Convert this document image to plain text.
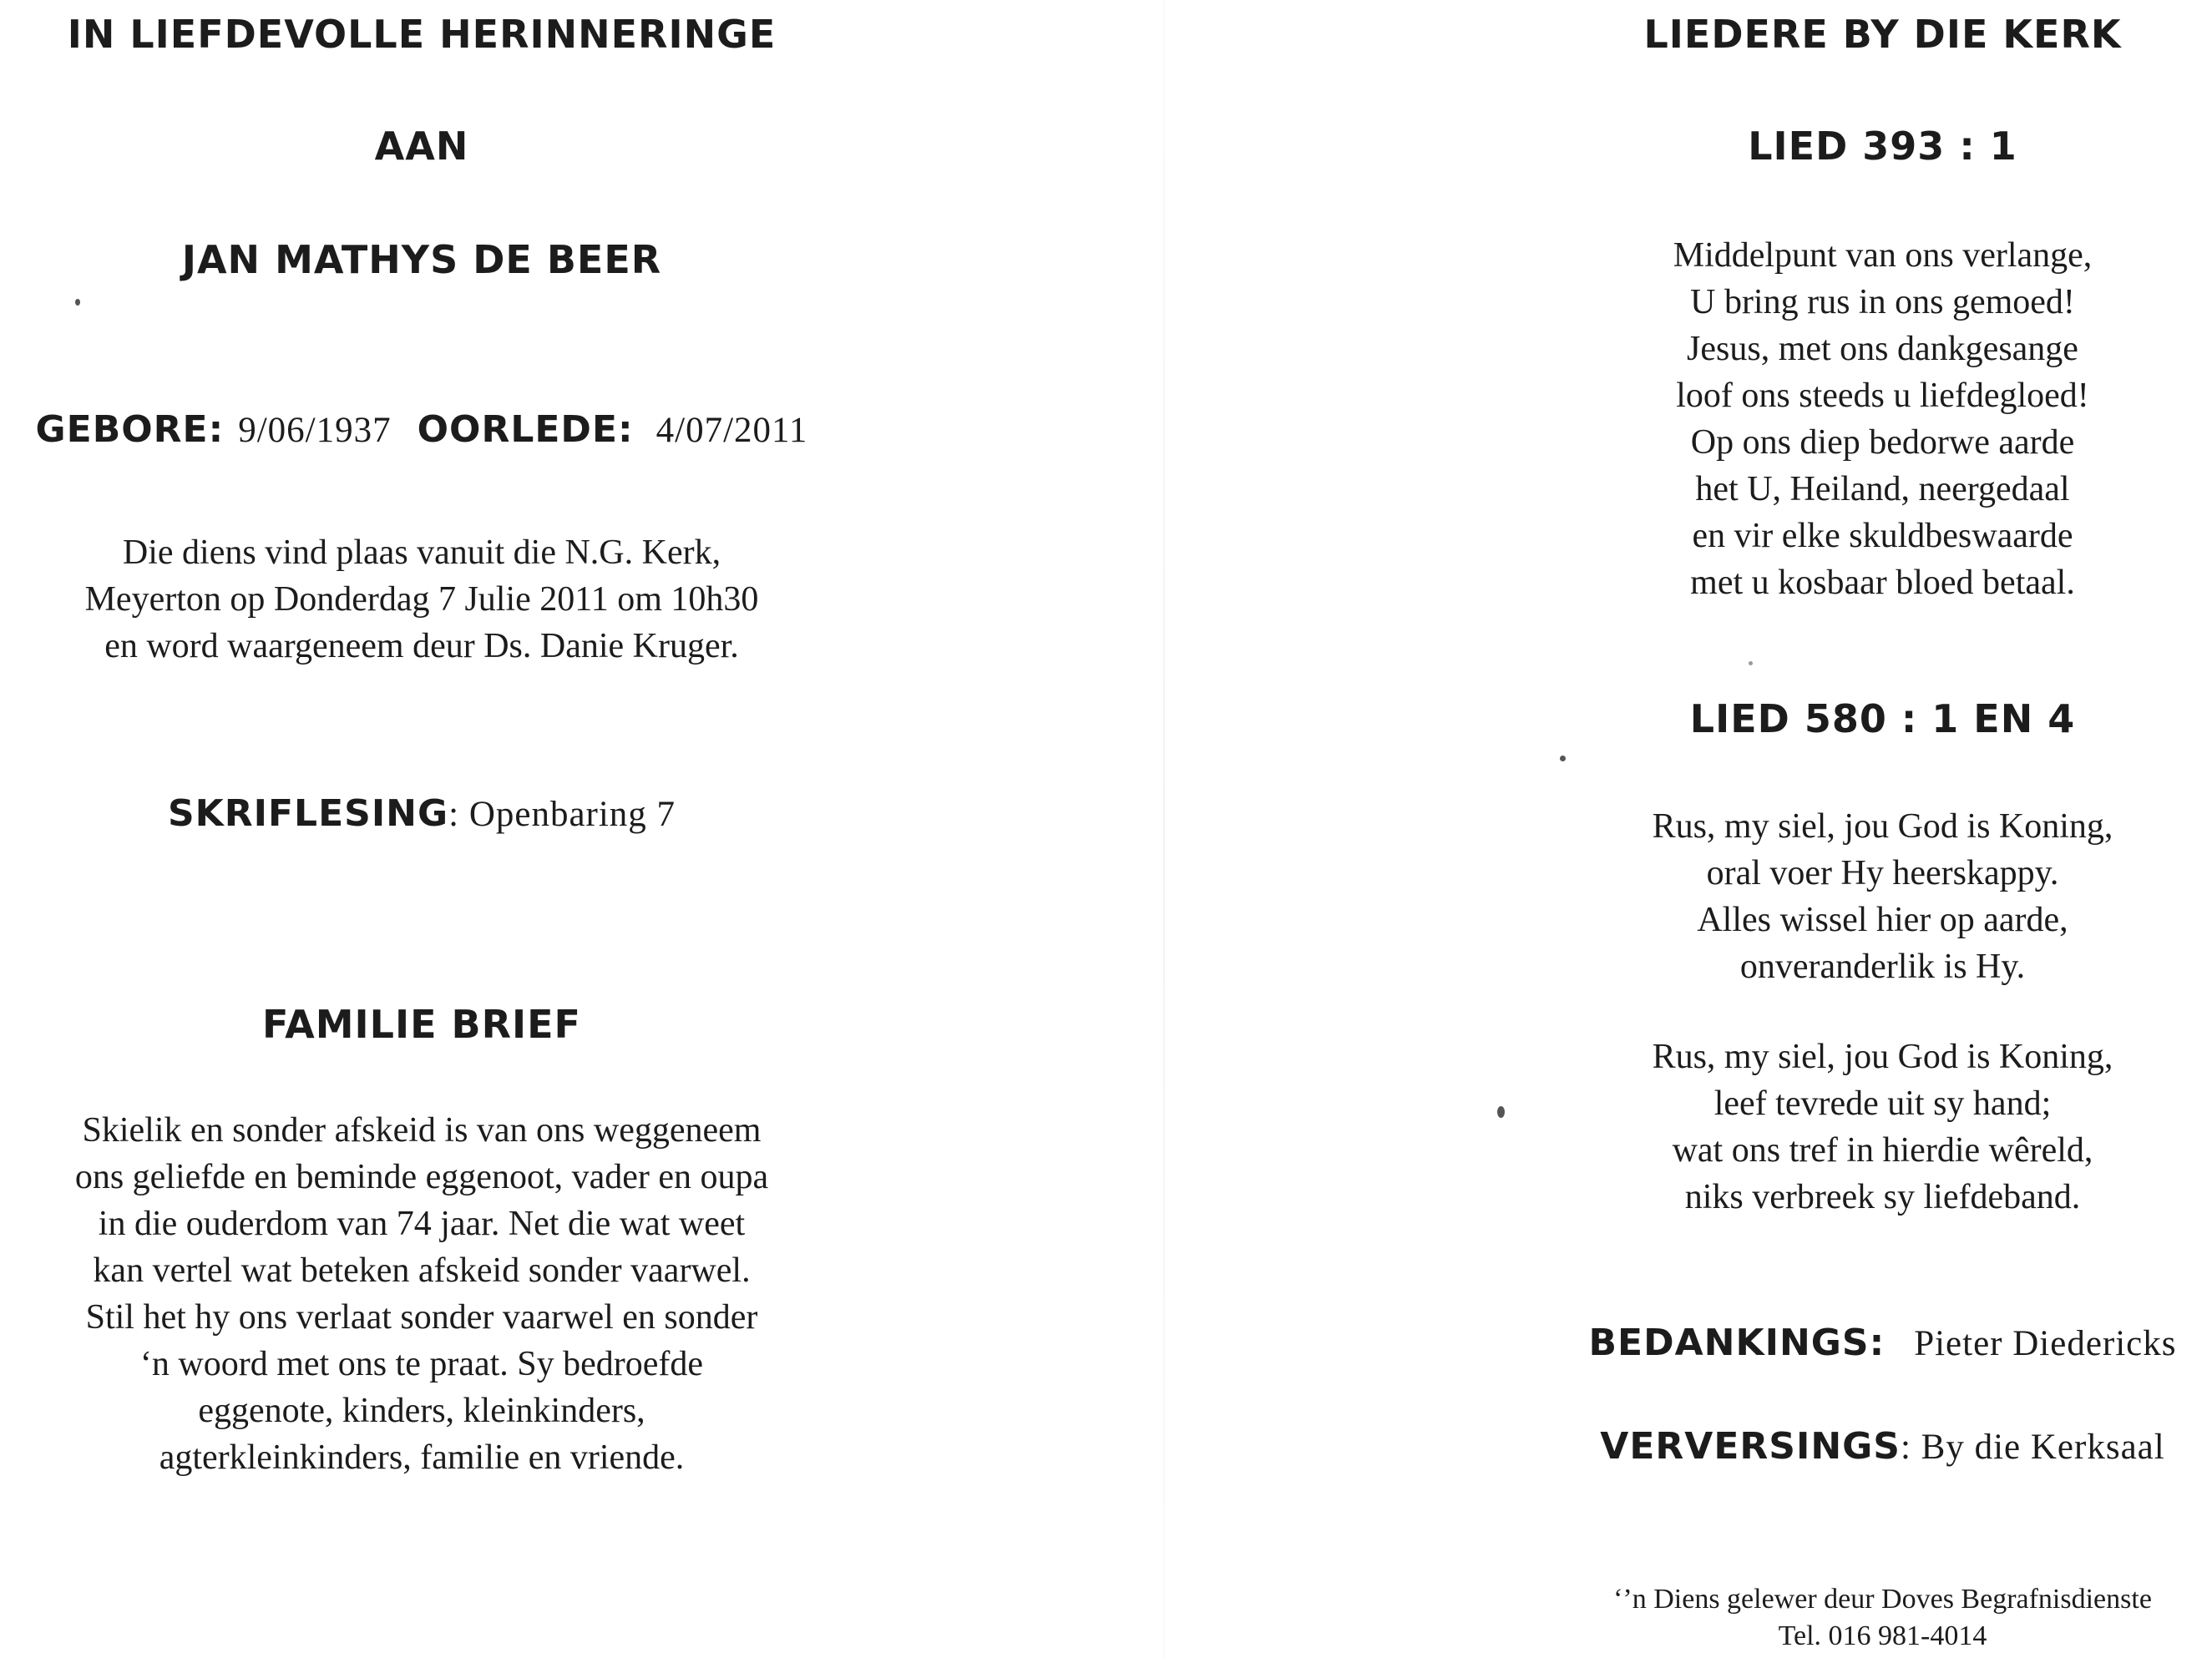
IN LIEFDEVOLLE HERINNERINGE
AAN
JAN MATHYS DE BEER
GEBORE: 9/06/1937 OORLEDE: 4/07/2011
Die diens vind plaas vanuit die N.G. Kerk,
Meyerton op Donderdag 7 Julie 2011 om 10h30
en word waargeneem deur Ds. Danie Kruger.
SKRIFLESING: Openbaring 7
FAMILIE BRIEF
Skielik en sonder afskeid is van ons weggeneem
ons geliefde en beminde eggenoot, vader en oupa
in die ouderdom van 74 jaar. Net die wat weet
kan vertel wat beteken afskeid sonder vaarwel.
Stil het hy ons verlaat sonder vaarwel en sonder
‘n woord met ons te praat. Sy bedroefde
eggenote, kinders, kleinkinders,
agterkleinkinders, familie en vriende.
LIEDERE BY DIE KERK
LIED 393 : 1
Middelpunt van ons verlange,
U bring rus in ons gemoed!
Jesus, met ons dankgesange
loof ons steeds u liefdegloed!
Op ons diep bedorwe aarde
het U, Heiland, neergedaal
en vir elke skuldbeswaarde
met u kosbaar bloed betaal.
LIED 580 : 1 EN 4
Rus, my siel, jou God is Koning,
oral voer Hy heerskappy.
Alles wissel hier op aarde,
onveranderlik is Hy.
Rus, my siel, jou God is Koning,
leef tevrede uit sy hand;
wat ons tref in hierdie wêreld,
niks verbreek sy liefdeband.
BEDANKINGS: Pieter Diedericks
VERVERSINGS: By die Kerksaal
‘’n Diens gelewer deur Doves Begrafnisdienste
Tel. 016 981-4014
